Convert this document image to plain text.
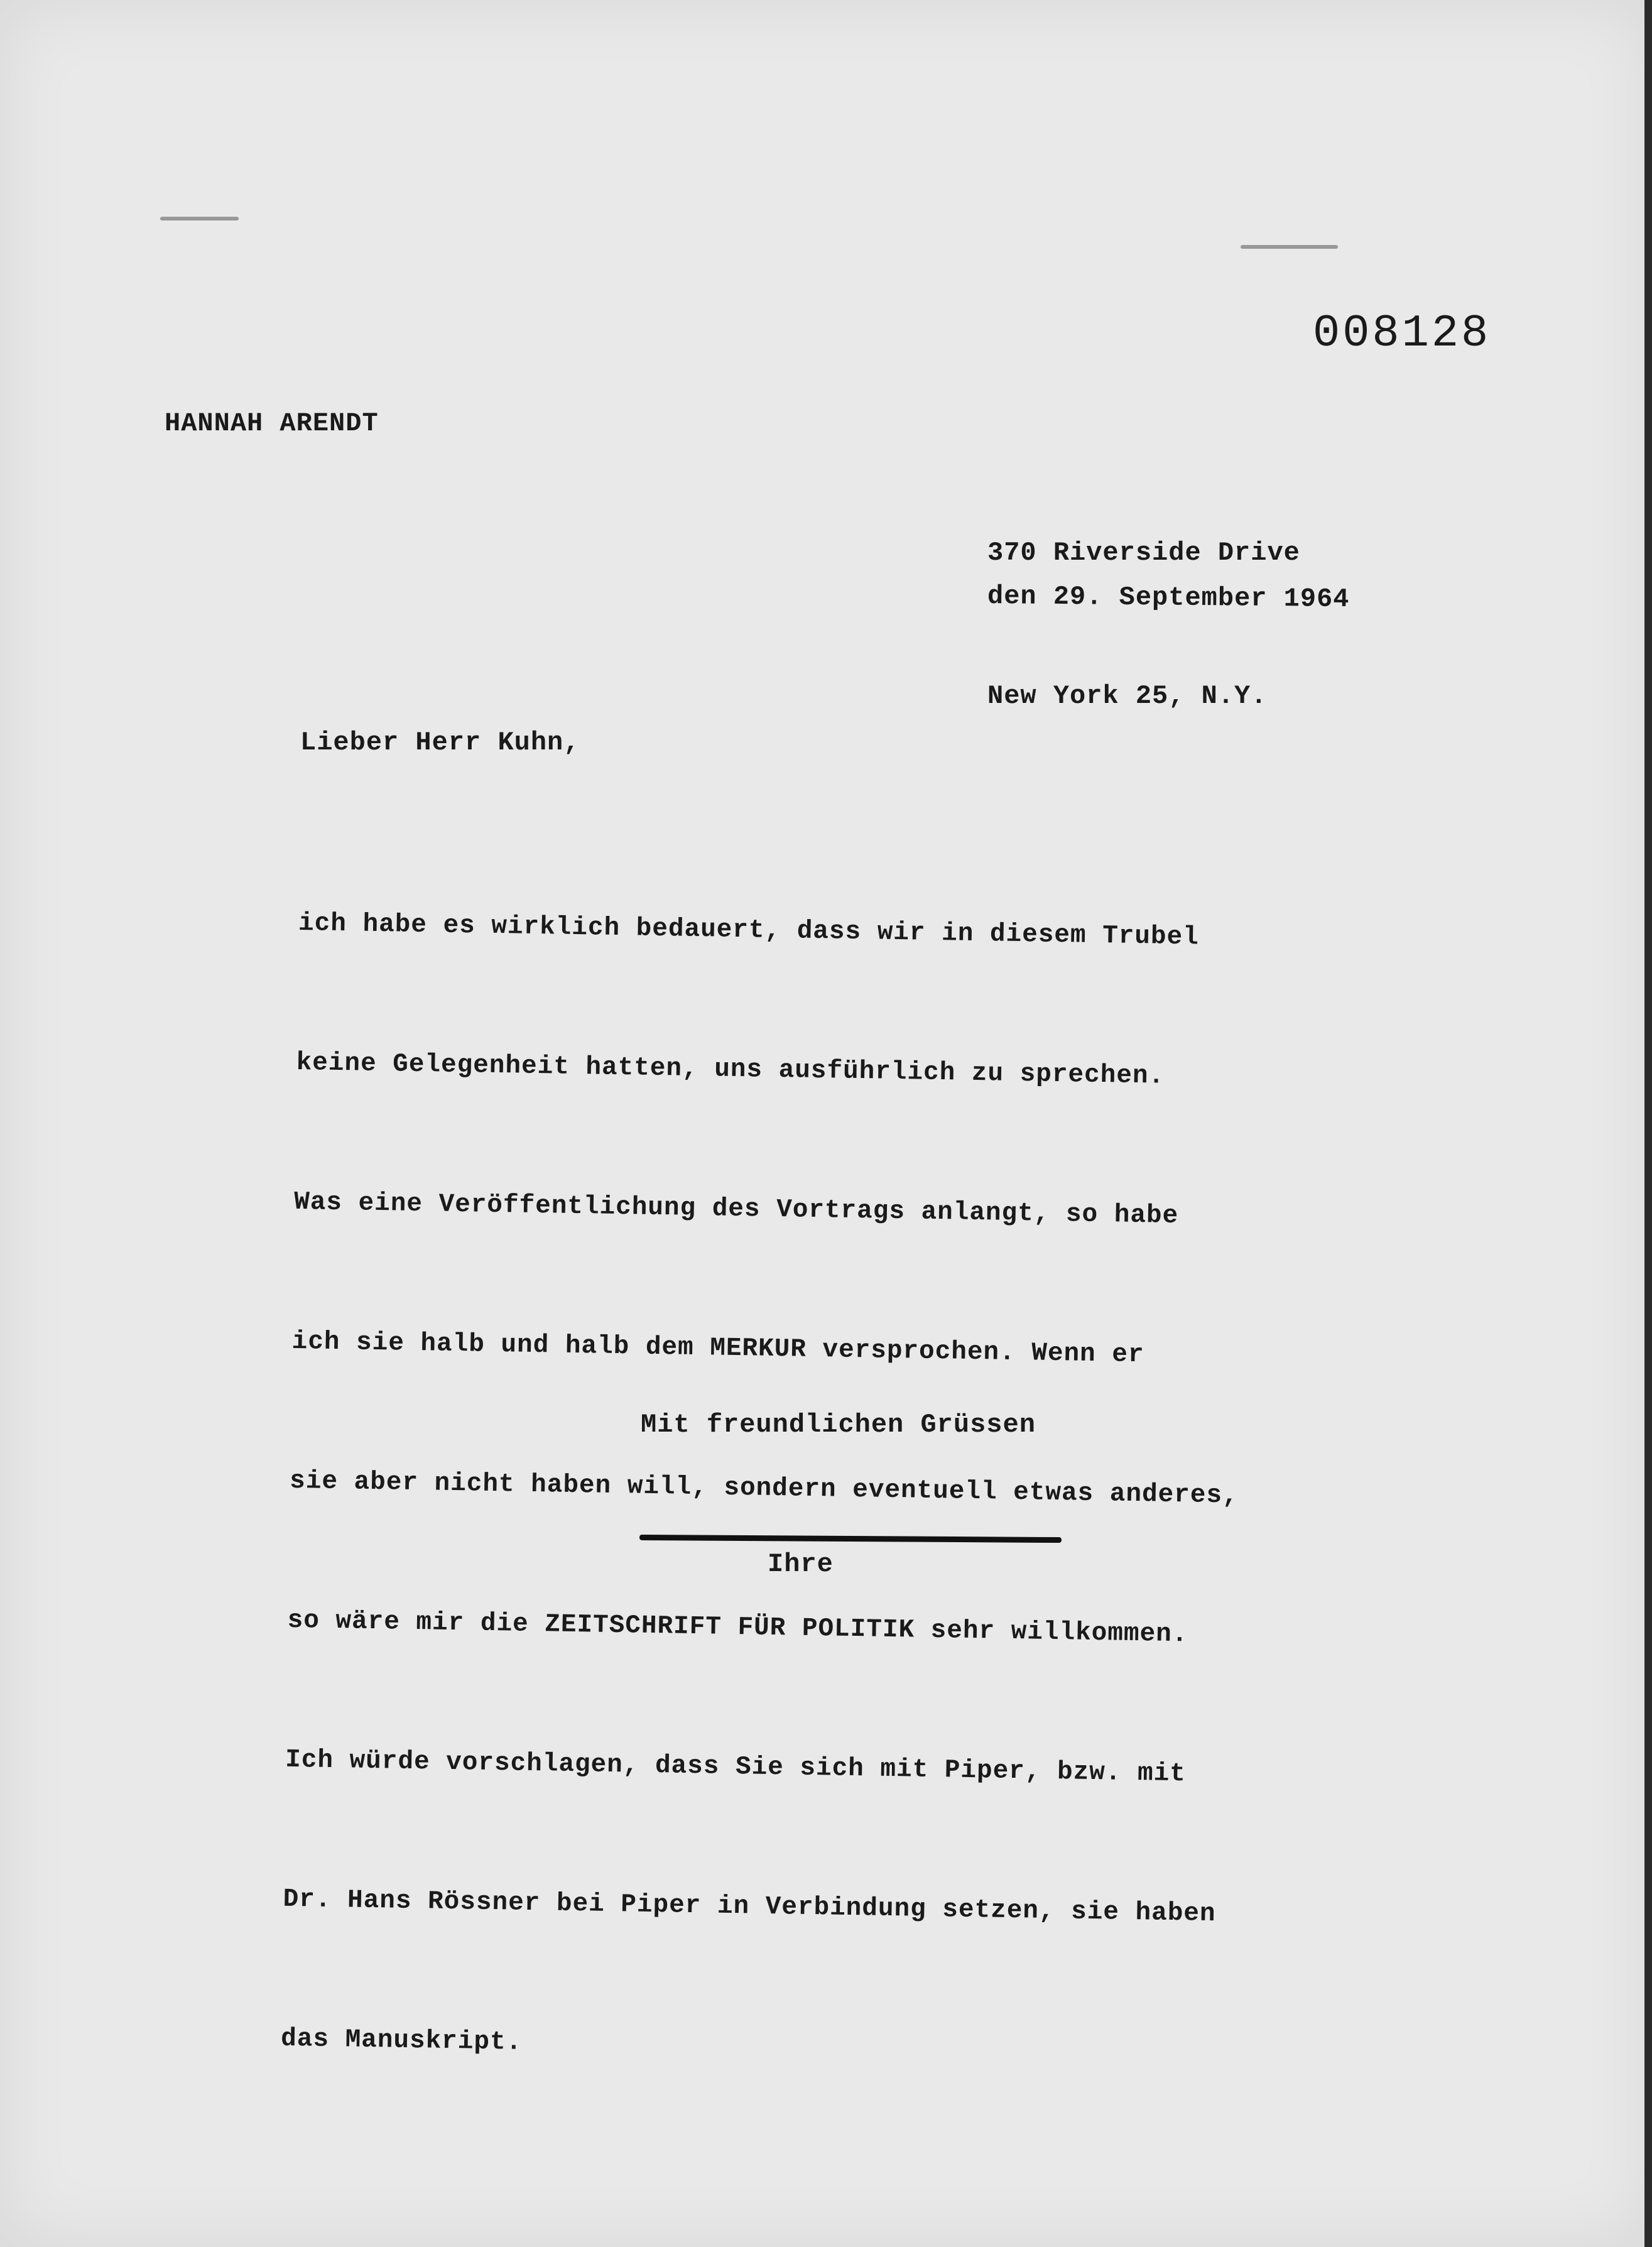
008128
HANNAH ARENDT

370 Riverside Drive

New York 25, N.Y.

den 29. September 1964
Lieber Herr Kuhn,

ich habe es wirklich bedauert, dass wir in diesem Trubel

keine Gelegenheit hatten, uns ausführlich zu sprechen.

Was eine Veröffentlichung des Vortrags anlangt, so habe

ich sie halb und halb dem MERKUR versprochen. Wenn er

sie aber nicht haben will, sondern eventuell etwas anderes,

so wäre mir die ZEITSCHRIFT FÜR POLITIK sehr willkommen.

Ich würde vorschlagen, dass Sie sich mit Piper, bzw. mit

Dr. Hans Rössner bei Piper in Verbindung setzen, sie haben

das Manuskript.

Mit freundlichen Grüssen

Ihre
